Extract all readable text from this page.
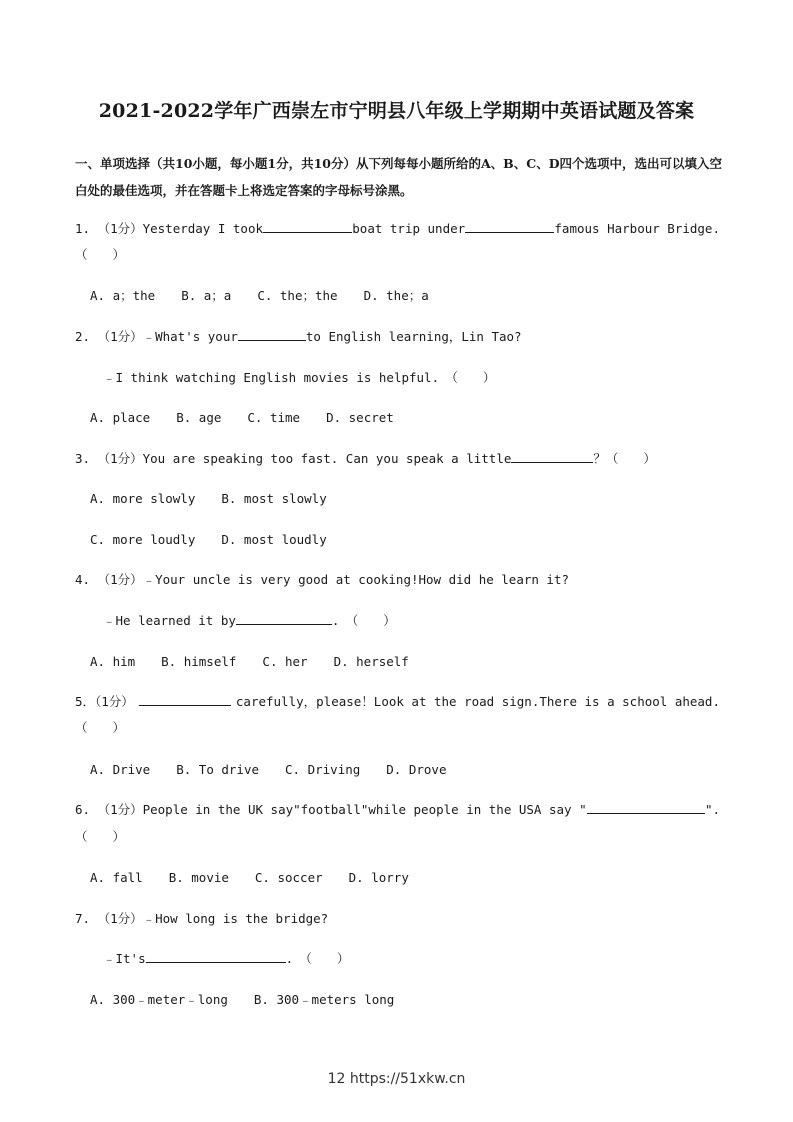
2021-2022学年广西崇左市宁明县八年级上学期期中英语试题及答案
一、单项选择（共10小题，每小题1分，共10分）从下列每每小题所给的A、B、C、D四个选项中，选出可以填入空白处的最佳选项，并在答题卡上将选定答案的字母标号涂黑。
1. （1分）Yesterday I took	boat trip under	famous Harbour Bridge.
（　　）
A. a；the B. a；a C. the；the D. the；a
2. （1分）﹣What's your	to English learning，Lin Tao?
﹣I think watching English movies is helpful.　（　　）
A. place B. age C. time D. secret
3. （1分）You are speaking too fast. Can you speak a little	？（　　）
A. more slowly B. most slowly
C. more loudly D. most loudly
4. （1分）﹣Your uncle is very good at cooking!How did he learn it?
﹣He learned it by	.　（　　）
A. him B. himself C. her D. herself
5．（1分）	carefully，please！Look at the road sign.There is a school ahead.
（　　）
A. Drive B. To drive C. Driving D. Drove
6. （1分）People in the UK say"football"while people in the USA say "	".
（　　）
A. fall B. movie C. soccer D. lorry
7. （1分）﹣How long is the bridge?
﹣It's	.　（　　）
A. 300﹣meter﹣long B. 300﹣meters long
12 https://51xkw.cn
